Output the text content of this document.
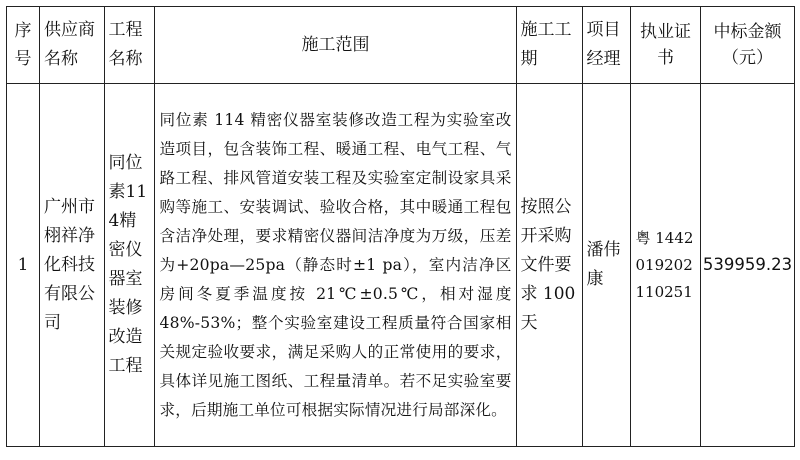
序号	供应商名称	工程名称	施工范围	施工工期	项目经理	执业证书	中标金额（元）

1	广州市栩祥净化科技有限公司	同位素114精密仪器室装修改造工程	同位素 114 精密仪器室装修改造工程为实验室改造项目，包含装饰工程、暖通工程、电气工程、气路工程、排风管道安装工程及实验室定制设家具采购等施工、安装调试、验收合格，其中暖通工程包含洁净处理，要求精密仪器间洁净度为万级，压差为+20pa—25pa（静态时±1 pa），室内洁净区房间冬夏季温度按 21℃±0.5℃，相对湿度48%-53%；整个实验室建设工程质量符合国家相关规定验收要求，满足采购人的正常使用的要求，具体详见施工图纸、工程量清单。若不足实验室要求，后期施工单位可根据实际情况进行局部深化。	按照公开采购文件要求 100 天	潘伟康	粤 1442019202110251	539959.23
